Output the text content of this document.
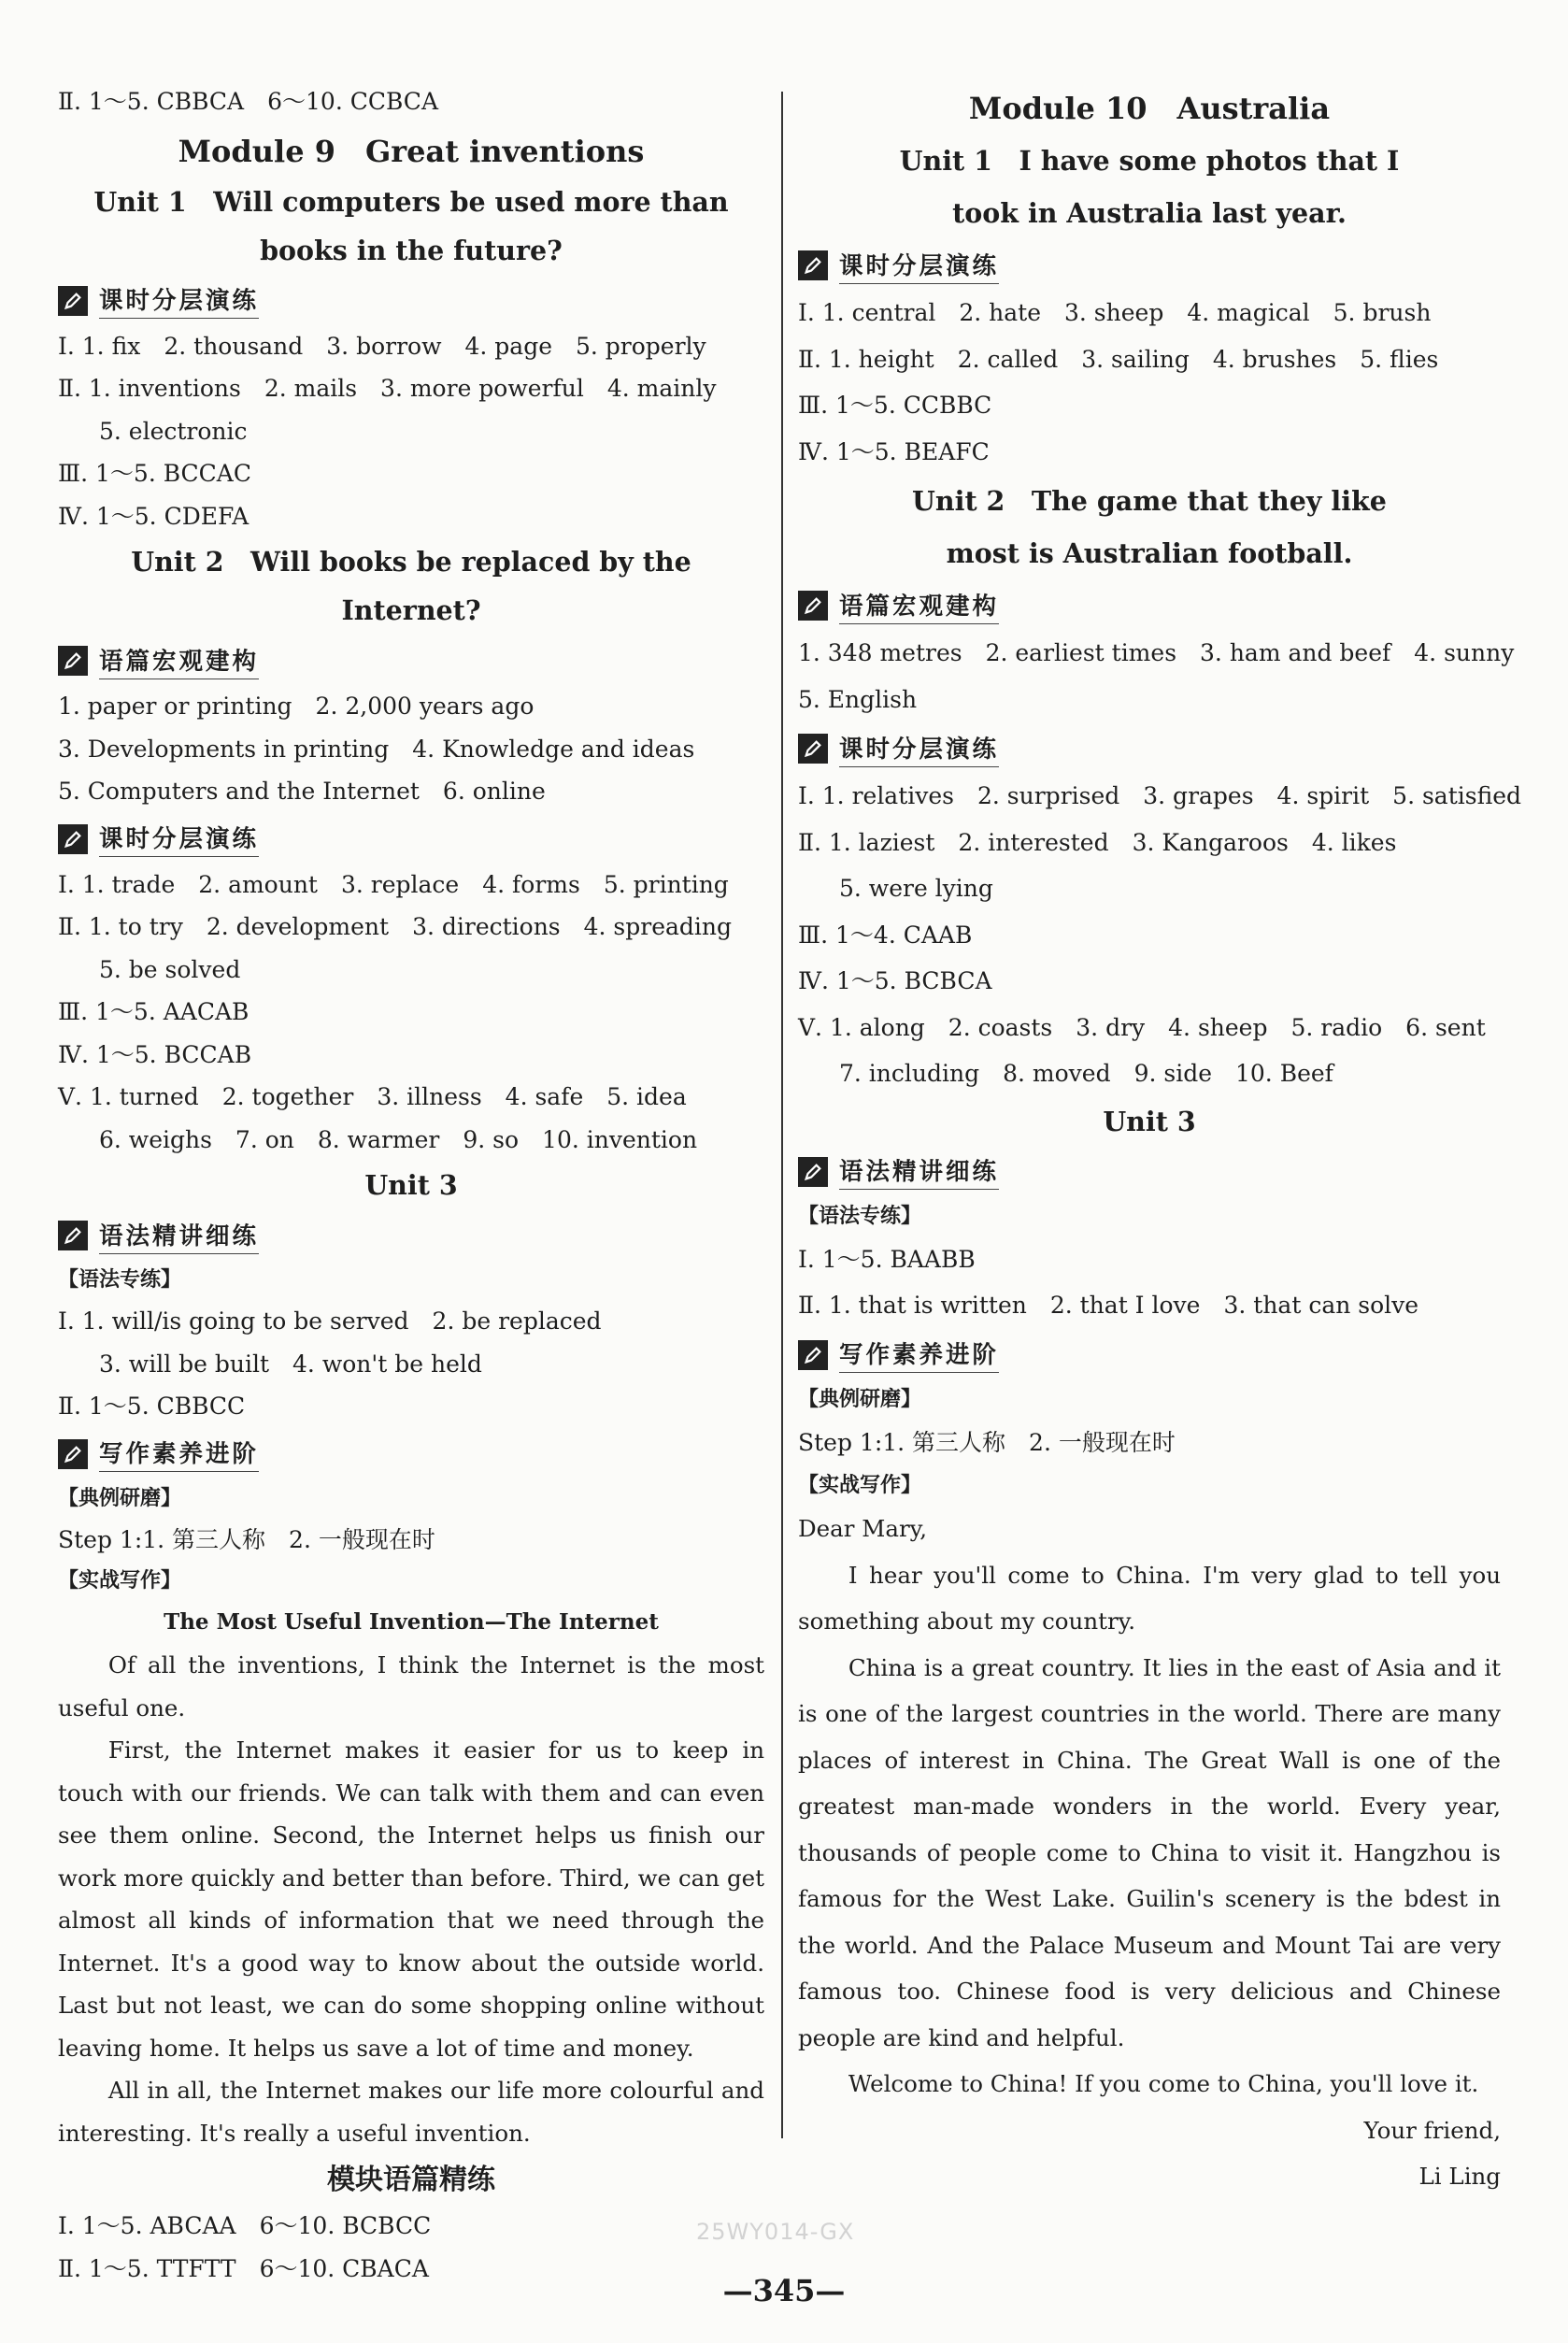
Ⅱ. 1～5. CBBCA　6～10. CCBCA
Module 9　Great inventions
Unit 1　Will computers be used more than
books in the future?
课时分层演练
Ⅰ. 1. fix　2. thousand　3. borrow　4. page　5. properly
Ⅱ. 1. inventions　2. mails　3. more powerful　4. mainly
5. electronic
Ⅲ. 1～5. BCCAC
Ⅳ. 1～5. CDEFA
Unit 2　Will books be replaced by the Internet?
语篇宏观建构
1. paper or printing　2. 2,000 years ago
3. Developments in printing　4. Knowledge and ideas
5. Computers and the Internet　6. online
课时分层演练
Ⅰ. 1. trade　2. amount　3. replace　4. forms　5. printing
Ⅱ. 1. to try　2. development　3. directions　4. spreading
5. be solved
Ⅲ. 1～5. AACAB
Ⅳ. 1～5. BCCAB
Ⅴ. 1. turned　2. together　3. illness　4. safe　5. idea
6. weighs　7. on　8. warmer　9. so　10. invention
Unit 3
语法精讲细练
【语法专练】
Ⅰ. 1. will/is going to be served　2. be replaced
3. will be built　4. won't be held
Ⅱ. 1～5. CBBCC
写作素养进阶
【典例研磨】
Step 1:1. 第三人称　2. 一般现在时
【实战写作】
The Most Useful Invention—The Internet
Of all the inventions, I think the Internet is the most useful one.
First, the Internet makes it easier for us to keep in touch with our friends. We can talk with them and can even see them online. Second, the Internet helps us finish our work more quickly and better than before. Third, we can get almost all kinds of information that we need through the Internet. It's a good way to know about the outside world. Last but not least, we can do some shopping online without leaving home. It helps us save a lot of time and money.
All in all, the Internet makes our life more colourful and interesting. It's really a useful invention.
模块语篇精练
Ⅰ. 1～5. ABCAA　6～10. BCBCC
Ⅱ. 1～5. TTFTT　6～10. CBACA
Module 10　Australia
Unit 1　I have some photos that I
took in Australia last year.
课时分层演练
Ⅰ. 1. central　2. hate　3. sheep　4. magical　5. brush
Ⅱ. 1. height　2. called　3. sailing　4. brushes　5. flies
Ⅲ. 1～5. CCBBC
Ⅳ. 1～5. BEAFC
Unit 2　The game that they like
most is Australian football.
语篇宏观建构
1. 348 metres　2. earliest times　3. ham and beef　4. sunny
5. English
课时分层演练
Ⅰ. 1. relatives　2. surprised　3. grapes　4. spirit　5. satisfied
Ⅱ. 1. laziest　2. interested　3. Kangaroos　4. likes
5. were lying
Ⅲ. 1～4. CAAB
Ⅳ. 1～5. BCBCA
Ⅴ. 1. along　2. coasts　3. dry　4. sheep　5. radio　6. sent
7. including　8. moved　9. side　10. Beef
Unit 3
语法精讲细练
【语法专练】
Ⅰ. 1～5. BAABB
Ⅱ. 1. that is written　2. that I love　3. that can solve
写作素养进阶
【典例研磨】
Step 1:1. 第三人称　2. 一般现在时
【实战写作】
Dear Mary,
I hear you'll come to China. I'm very glad to tell you something about my country.
China is a great country. It lies in the east of Asia and it is one of the largest countries in the world. There are many places of interest in China. The Great Wall is one of the greatest man-made wonders in the world. Every year, thousands of people come to China to visit it. Hangzhou is famous for the West Lake. Guilin's scenery is the bdest in the world. And the Palace Museum and Mount Tai are very famous too. Chinese food is very delicious and Chinese people are kind and helpful.
Welcome to China! If you come to China, you'll love it.
Your friend,
Li Ling
25WY014-GX
—345—
